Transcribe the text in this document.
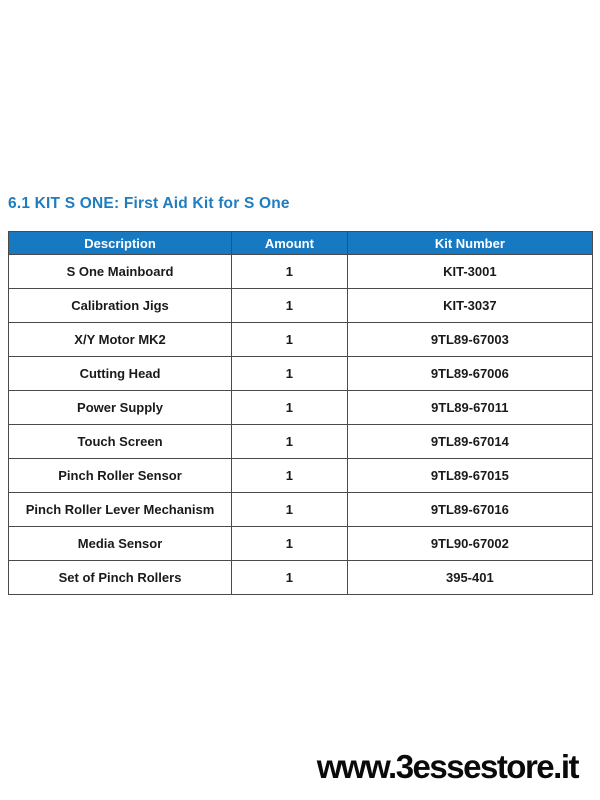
6.1 KIT S ONE: First Aid Kit for S One
Description	Amount	Kit Number
S One Mainboard	1	KIT-3001
Calibration Jigs	1	KIT-3037
X/Y Motor MK2	1	9TL89-67003
Cutting Head	1	9TL89-67006
Power Supply	1	9TL89-67011
Touch Screen	1	9TL89-67014
Pinch Roller Sensor	1	9TL89-67015
Pinch Roller Lever Mechanism	1	9TL89-67016
Media Sensor	1	9TL90-67002
Set of Pinch Rollers	1	395-401
www.3essestore.it
